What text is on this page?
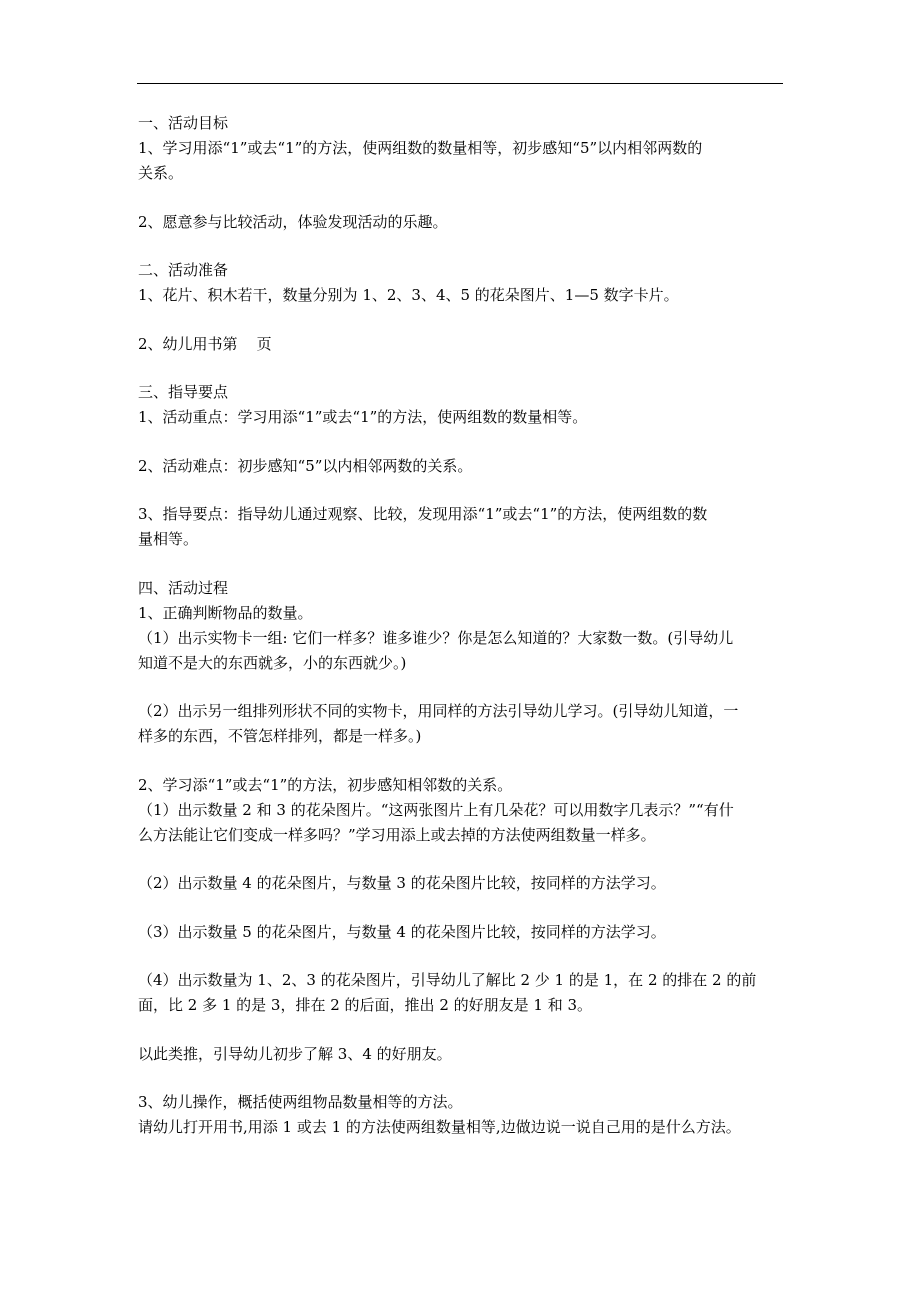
一、活动目标
1、学习用添“1”或去“1”的方法，使两组数的数量相等，初步感知“5”以内相邻两数的
关系。
2、愿意参与比较活动，体验发现活动的乐趣。
二、活动准备
1、花片、积木若干，数量分别为 1、2、3、4、5 的花朵图片、1—5 数字卡片。
2、幼儿用书第    页
三、指导要点
1、活动重点：学习用添“1”或去“1”的方法，使两组数的数量相等。
2、活动难点：初步感知“5”以内相邻两数的关系。
3、指导要点：指导幼儿通过观察、比较，发现用添“1”或去“1”的方法，使两组数的数
量相等。
四、活动过程
1、正确判断物品的数量。
（1）出示实物卡一组: 它们一样多？谁多谁少？你是怎么知道的？大家数一数。(引导幼儿
知道不是大的东西就多，小的东西就少。)
（2）出示另一组排列形状不同的实物卡，用同样的方法引导幼儿学习。(引导幼儿知道，一
样多的东西，不管怎样排列，都是一样多。)
2、学习添“1”或去“1”的方法，初步感知相邻数的关系。
（1）出示数量 2 和 3 的花朵图片。“这两张图片上有几朵花？可以用数字几表示？”“有什
么方法能让它们变成一样多吗？”学习用添上或去掉的方法使两组数量一样多。
（2）出示数量 4 的花朵图片，与数量 3 的花朵图片比较，按同样的方法学习。
（3）出示数量 5 的花朵图片，与数量 4 的花朵图片比较，按同样的方法学习。
（4）出示数量为 1、2、3 的花朵图片，引导幼儿了解比 2 少 1 的是 1，在 2 的排在 2 的前
面，比 2 多 1 的是 3，排在 2 的后面，推出 2 的好朋友是 1 和 3。
以此类推，引导幼儿初步了解 3、4 的好朋友。
3、幼儿操作，概括使两组物品数量相等的方法。
请幼儿打开用书,用添 1 或去 1 的方法使两组数量相等,边做边说一说自己用的是什么方法。
